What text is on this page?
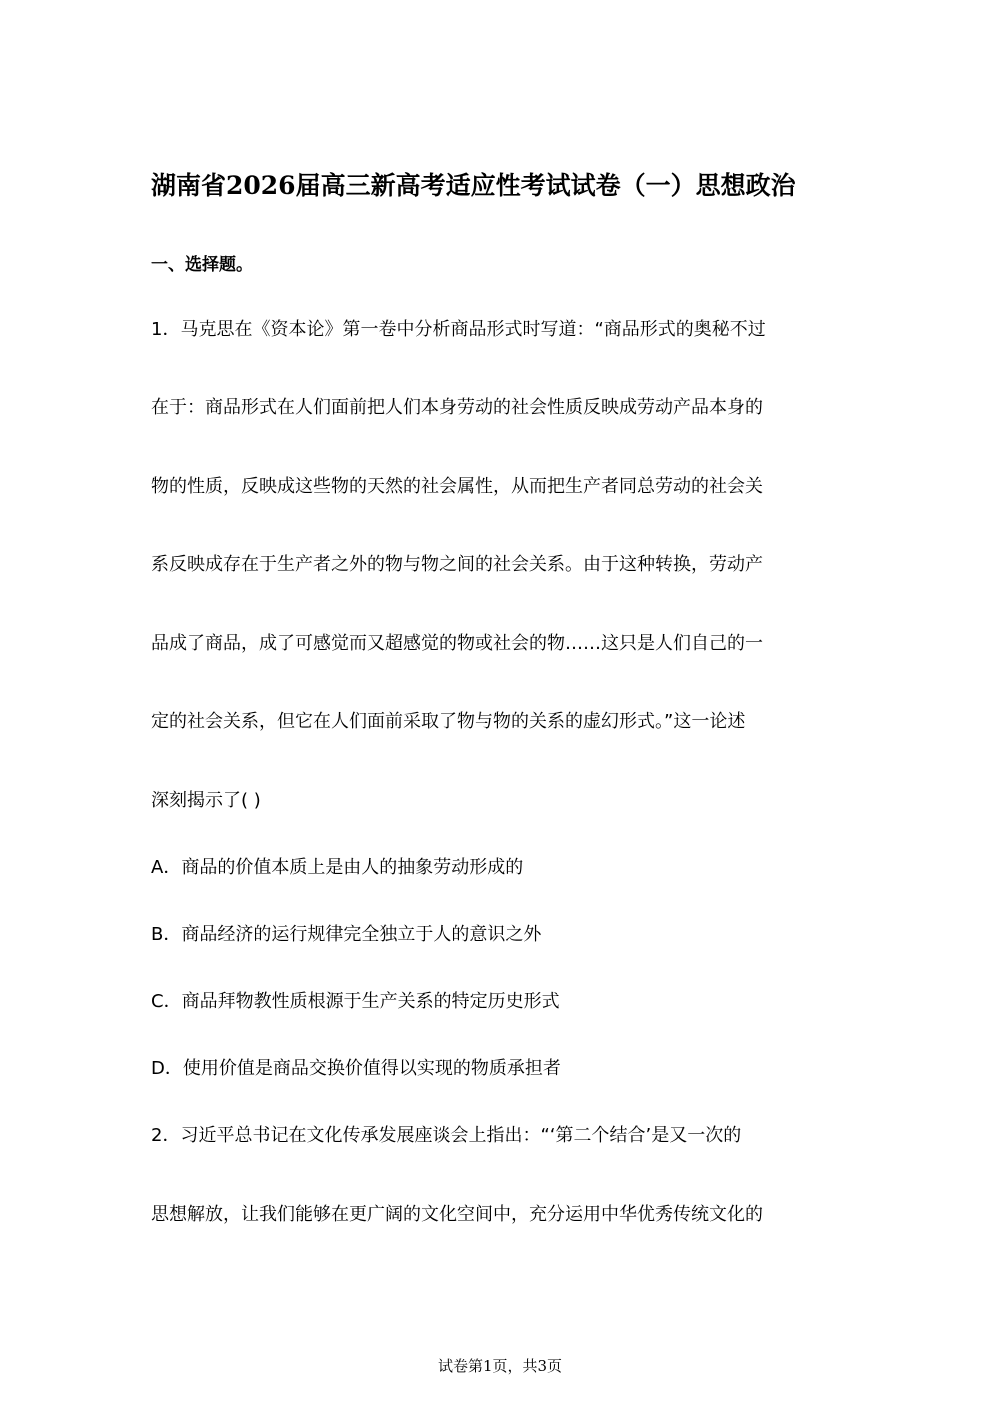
湖南省2026届高三新高考适应性考试试卷（一）思想政治
一、选择题。
1．马克思在《资本论》第一卷中分析商品形式时写道：“商品形式的奥秘不过
在于：商品形式在人们面前把人们本身劳动的社会性质反映成劳动产品本身的
物的性质，反映成这些物的天然的社会属性，从而把生产者同总劳动的社会关
系反映成存在于生产者之外的物与物之间的社会关系。由于这种转换，劳动产
品成了商品，成了可感觉而又超感觉的物或社会的物……这只是人们自己的一
定的社会关系，但它在人们面前采取了物与物的关系的虚幻形式。”这一论述
深刻揭示了( )
A．商品的价值本质上是由人的抽象劳动形成的
B．商品经济的运行规律完全独立于人的意识之外
C．商品拜物教性质根源于生产关系的特定历史形式
D．使用价值是商品交换价值得以实现的物质承担者
2．习近平总书记在文化传承发展座谈会上指出：“‘第二个结合’是又一次的
思想解放，让我们能够在更广阔的文化空间中，充分运用中华优秀传统文化的
试卷第1页，共3页
